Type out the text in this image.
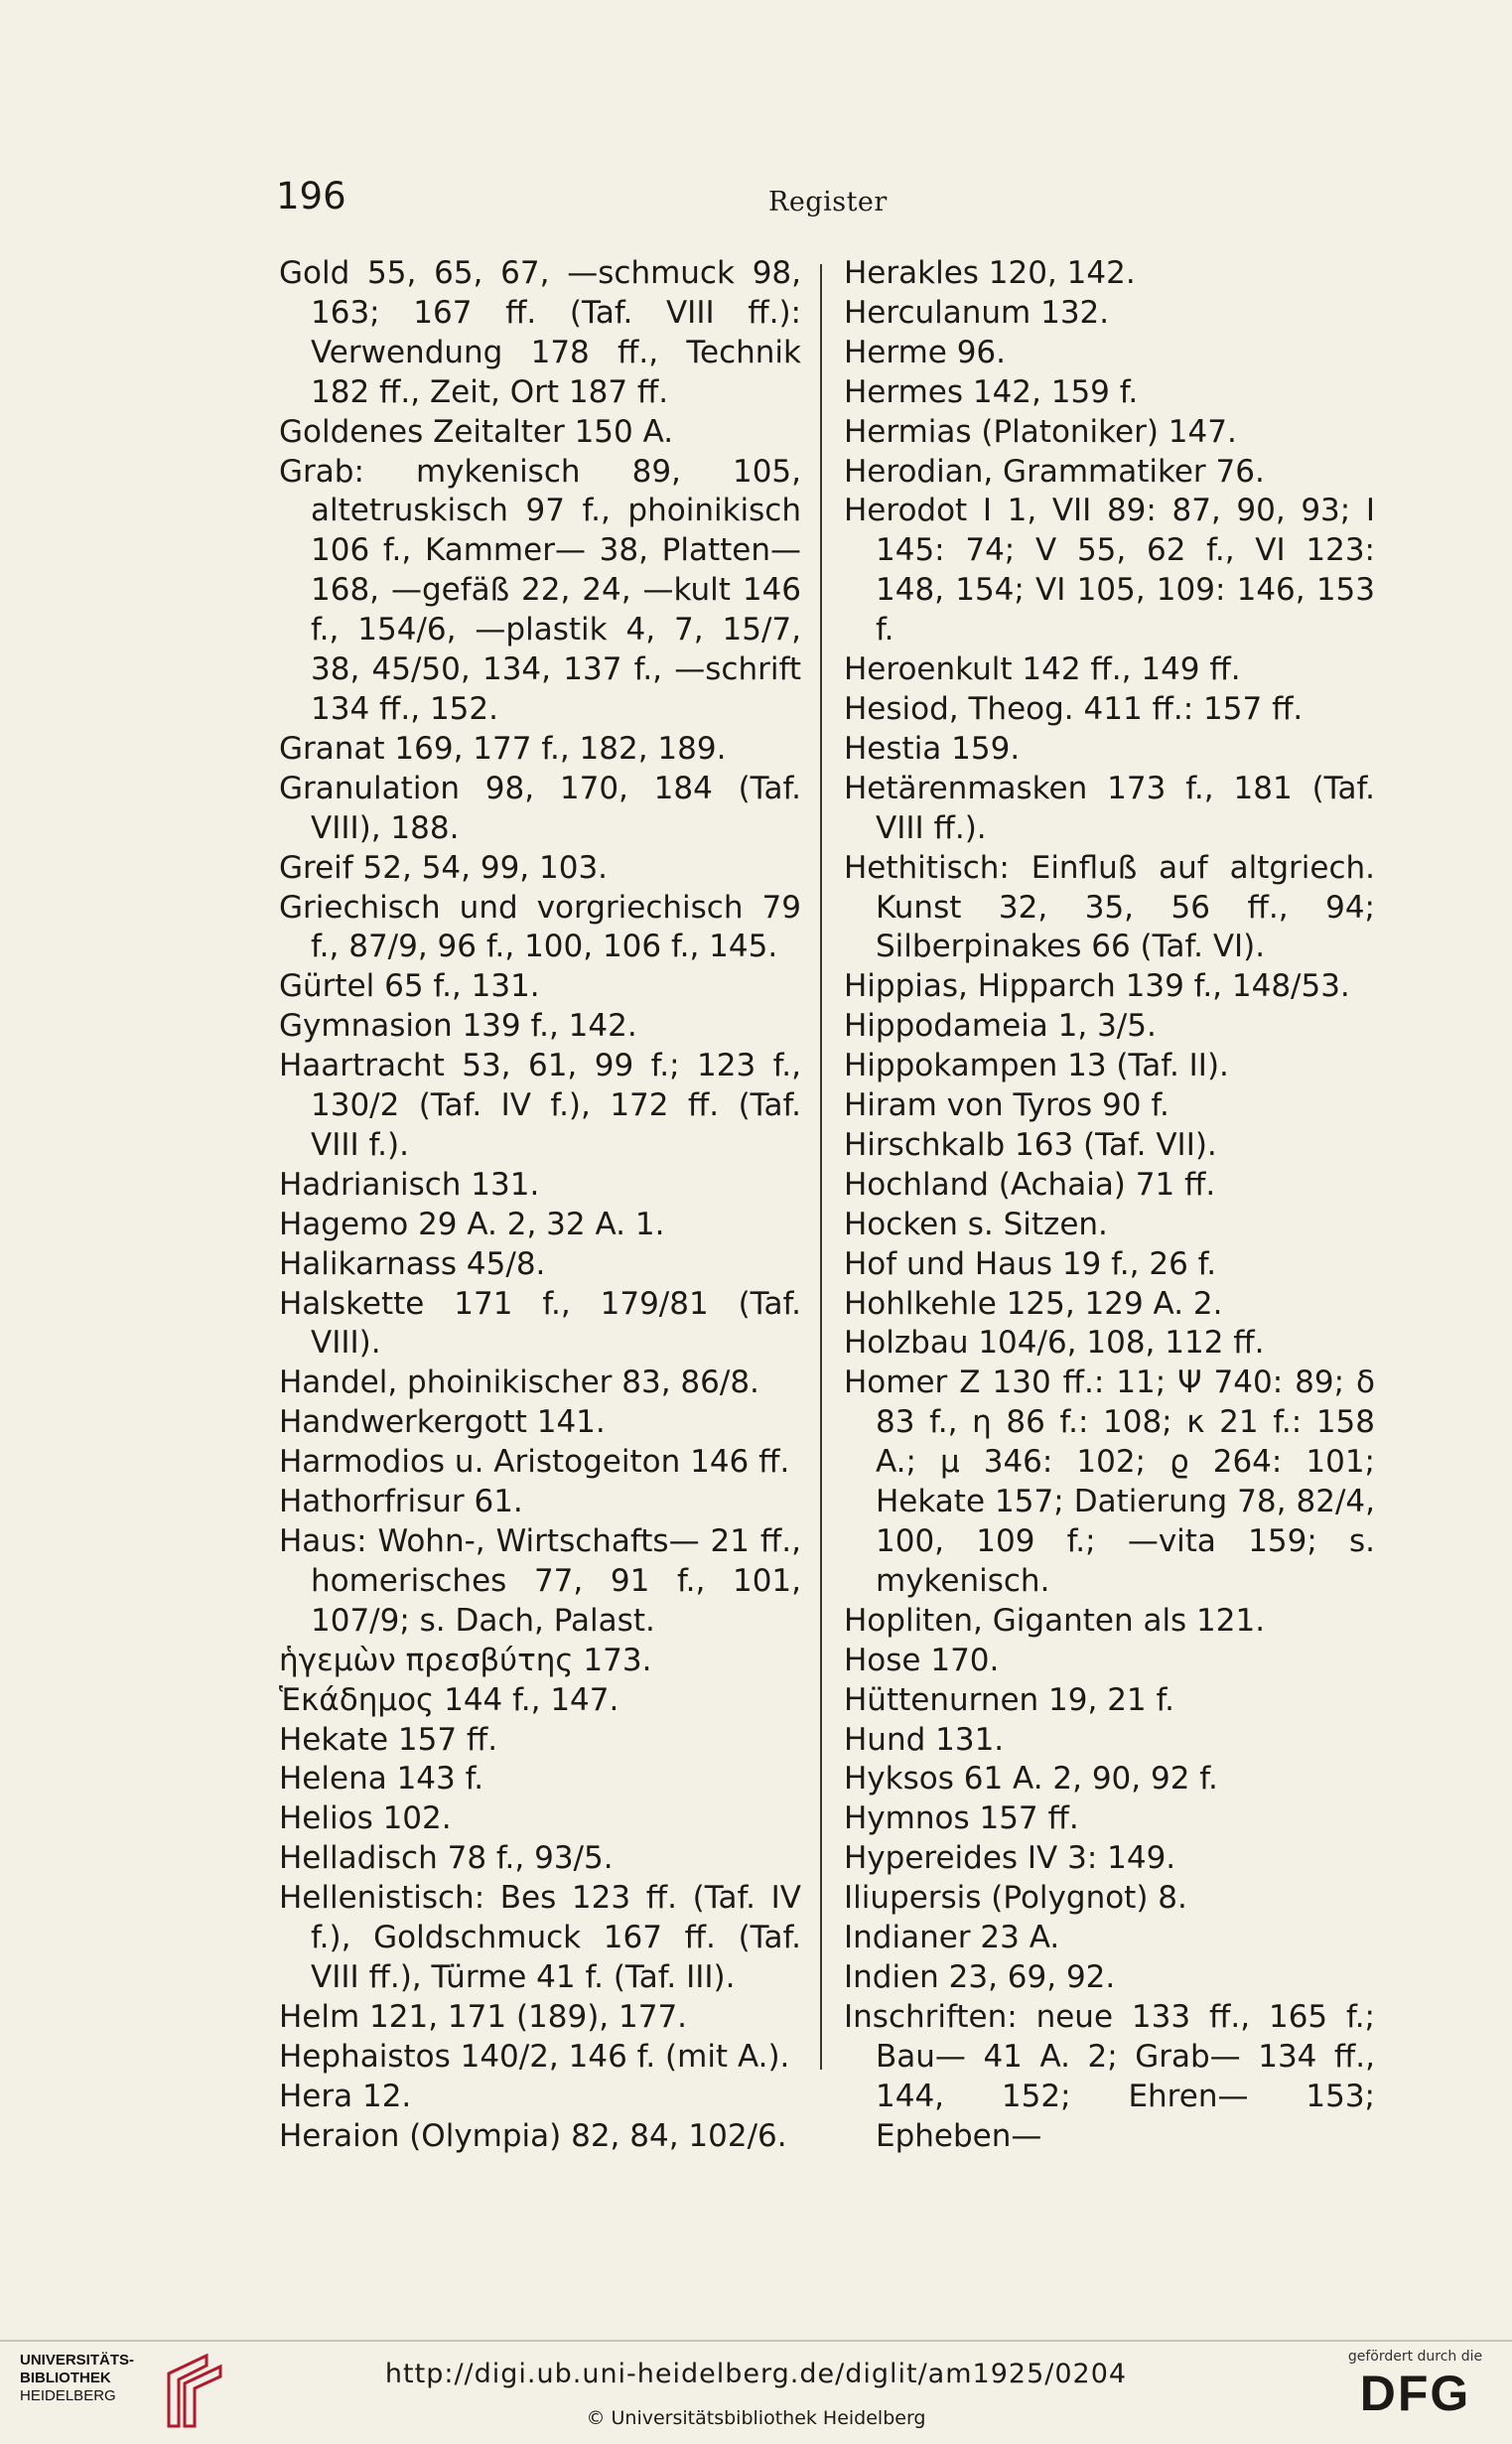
196	Register
Gold 55, 65, 67, —schmuck 98, 163; 167 ff. (Taf. VIII ff.): Verwendung 178 ff., Technik 182 ff., Zeit, Ort 187 ff.
Goldenes Zeitalter 150 A.
Grab: mykenisch 89, 105, altetruskisch 97 f., phoinikisch 106 f., Kammer— 38, Platten— 168, —gefäß 22, 24, —kult 146 f., 154/6, —plastik 4, 7, 15/7, 38, 45/50, 134, 137 f., —schrift 134 ff., 152.
Granat 169, 177 f., 182, 189.
Granulation 98, 170, 184 (Taf. VIII), 188.
Greif 52, 54, 99, 103.
Griechisch und vorgriechisch 79 f., 87/9, 96 f., 100, 106 f., 145.
Gürtel 65 f., 131.
Gymnasion 139 f., 142.
Haartracht 53, 61, 99 f.; 123 f., 130/2 (Taf. IV f.), 172 ff. (Taf. VIII f.).
Hadrianisch 131.
Hagemo 29 A. 2, 32 A. 1.
Halikarnass 45/8.
Halskette 171 f., 179/81 (Taf. VIII).
Handel, phoinikischer 83, 86/8.
Handwerkergott 141.
Harmodios u. Aristogeiton 146 ff.
Hathorfrisur 61.
Haus: Wohn-, Wirtschafts— 21 ff., homerisches 77, 91 f., 101, 107/9; s. Dach, Palast.
ἡγεμὼν πρεσβύτης 173.
Ἑκάδημος 144 f., 147.
Hekate 157 ff.
Helena 143 f.
Helios 102.
Helladisch 78 f., 93/5.
Hellenistisch: Bes 123 ff. (Taf. IV f.), Goldschmuck 167 ff. (Taf. VIII ff.), Türme 41 f. (Taf. III).
Helm 121, 171 (189), 177.
Hephaistos 140/2, 146 f. (mit A.).
Hera 12.
Heraion (Olympia) 82, 84, 102/6.
Herakles 120, 142.
Herculanum 132.
Herme 96.
Hermes 142, 159 f.
Hermias (Platoniker) 147.
Herodian, Grammatiker 76.
Herodot I 1, VII 89: 87, 90, 93; I 145: 74; V 55, 62 f., VI 123: 148, 154; VI 105, 109: 146, 153 f.
Heroenkult 142 ff., 149 ff.
Hesiod, Theog. 411 ff.: 157 ff.
Hestia 159.
Hetärenmasken 173 f., 181 (Taf. VIII ff.).
Hethitisch: Einfluß auf altgriech. Kunst 32, 35, 56 ff., 94; Silberpinakes 66 (Taf. VI).
Hippias, Hipparch 139 f., 148/53.
Hippodameia 1, 3/5.
Hippokampen 13 (Taf. II).
Hiram von Tyros 90 f.
Hirschkalb 163 (Taf. VII).
Hochland (Achaia) 71 ff.
Hocken s. Sitzen.
Hof und Haus 19 f., 26 f.
Hohlkehle 125, 129 A. 2.
Holzbau 104/6, 108, 112 ff.
Homer Z 130 ff.: 11; Ψ 740: 89; δ 83 f., η 86 f.: 108; κ 21 f.: 158 A.; μ 346: 102; ϱ 264: 101; Hekate 157; Datierung 78, 82/4, 100, 109 f.; —vita 159; s. mykenisch.
Hopliten, Giganten als 121.
Hose 170.
Hüttenurnen 19, 21 f.
Hund 131.
Hyksos 61 A. 2, 90, 92 f.
Hymnos 157 ff.
Hypereides IV 3: 149.
Iliupersis (Polygnot) 8.
Indianer 23 A.
Indien 23, 69, 92.
Inschriften: neue 133 ff., 165 f.; Bau— 41 A. 2; Grab— 134 ff., 144, 152; Ehren— 153; Epheben—
UNIVERSITÄTS-
BIBLIOTHEK
HEIDELBERG
http://digi.ub.uni-heidelberg.de/diglit/am1925/0204
© Universitätsbibliothek Heidelberg
gefördert durch die
DFG
